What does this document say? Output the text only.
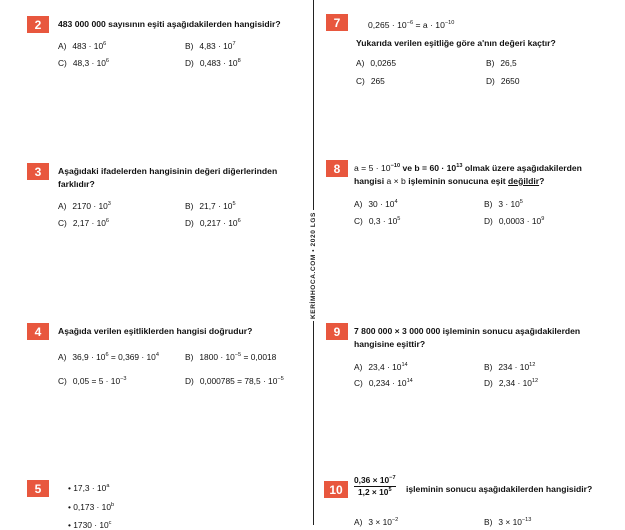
KERİMHOCA.COM • 2020 LGS
2	483 000 000 sayısının eşiti aşağıdakilerden hangisidir?
A) $483 \cdot 10^6$	B) $4,83 \cdot 10^7$
C) $48,3 \cdot 10^6$	D) $0,483 \cdot 10^8$
3	Aşağıdaki ifadelerden hangisinin değeri diğerlerinden
farklıdır?
A) $2170 \cdot 10^3$	B) $21,7 \cdot 10^5$
C) $2,17 \cdot 10^6$	D) $0,217 \cdot 10^6$
4	Aşağıda verilen eşitliklerden hangisi doğrudur?
A) $36,9 \cdot 10^6 = 0,369 \cdot 10^4$	B) $1800 \cdot 10^{-5} = 0,0018$
C) $0,05 = 5 \cdot 10^{-3}$	D) $0,000785 = 78,5 \cdot 10^{-5}$
5	• $17,3 \cdot 10^a$
• $0,173 \cdot 10^b$
• $1730 \cdot 10^c$
7	$0,265 \cdot 10^{-6} = a \cdot 10^{-10}$
Yukarıda verilen eşitliğe göre a'nın değeri kaçtır?
A) 0,0265	B) 26,5
C) 265	D) 2650
8	$a = 5 \cdot 10^{-10}$ ve $b = 60 \cdot 10^{13}$ olmak üzere aşağıdakilerden
hangisi a × b işleminin sonucuna eşit değildir?
A) $30 \cdot 10^4$	B) $3 \cdot 10^5$
C) $0,3 \cdot 10^5$	D) $0,0003 \cdot 10^9$
9	7 800 000 × 3 000 000 işleminin sonucu aşağıdakilerden
hangisine eşittir?
A) $23,4 \cdot 10^{14}$	B) $234 \cdot 10^{12}$
C) $0,234 \cdot 10^{14}$	D) $2,34 \cdot 10^{12}$
10
$0,36 \times 10^{-7}$
$1,2 \times 10^5$	işleminin sonucu aşağıdakilerden hangisidir?
A) $3 \times 10^{-2}$	B) $3 \times 10^{-13}$
